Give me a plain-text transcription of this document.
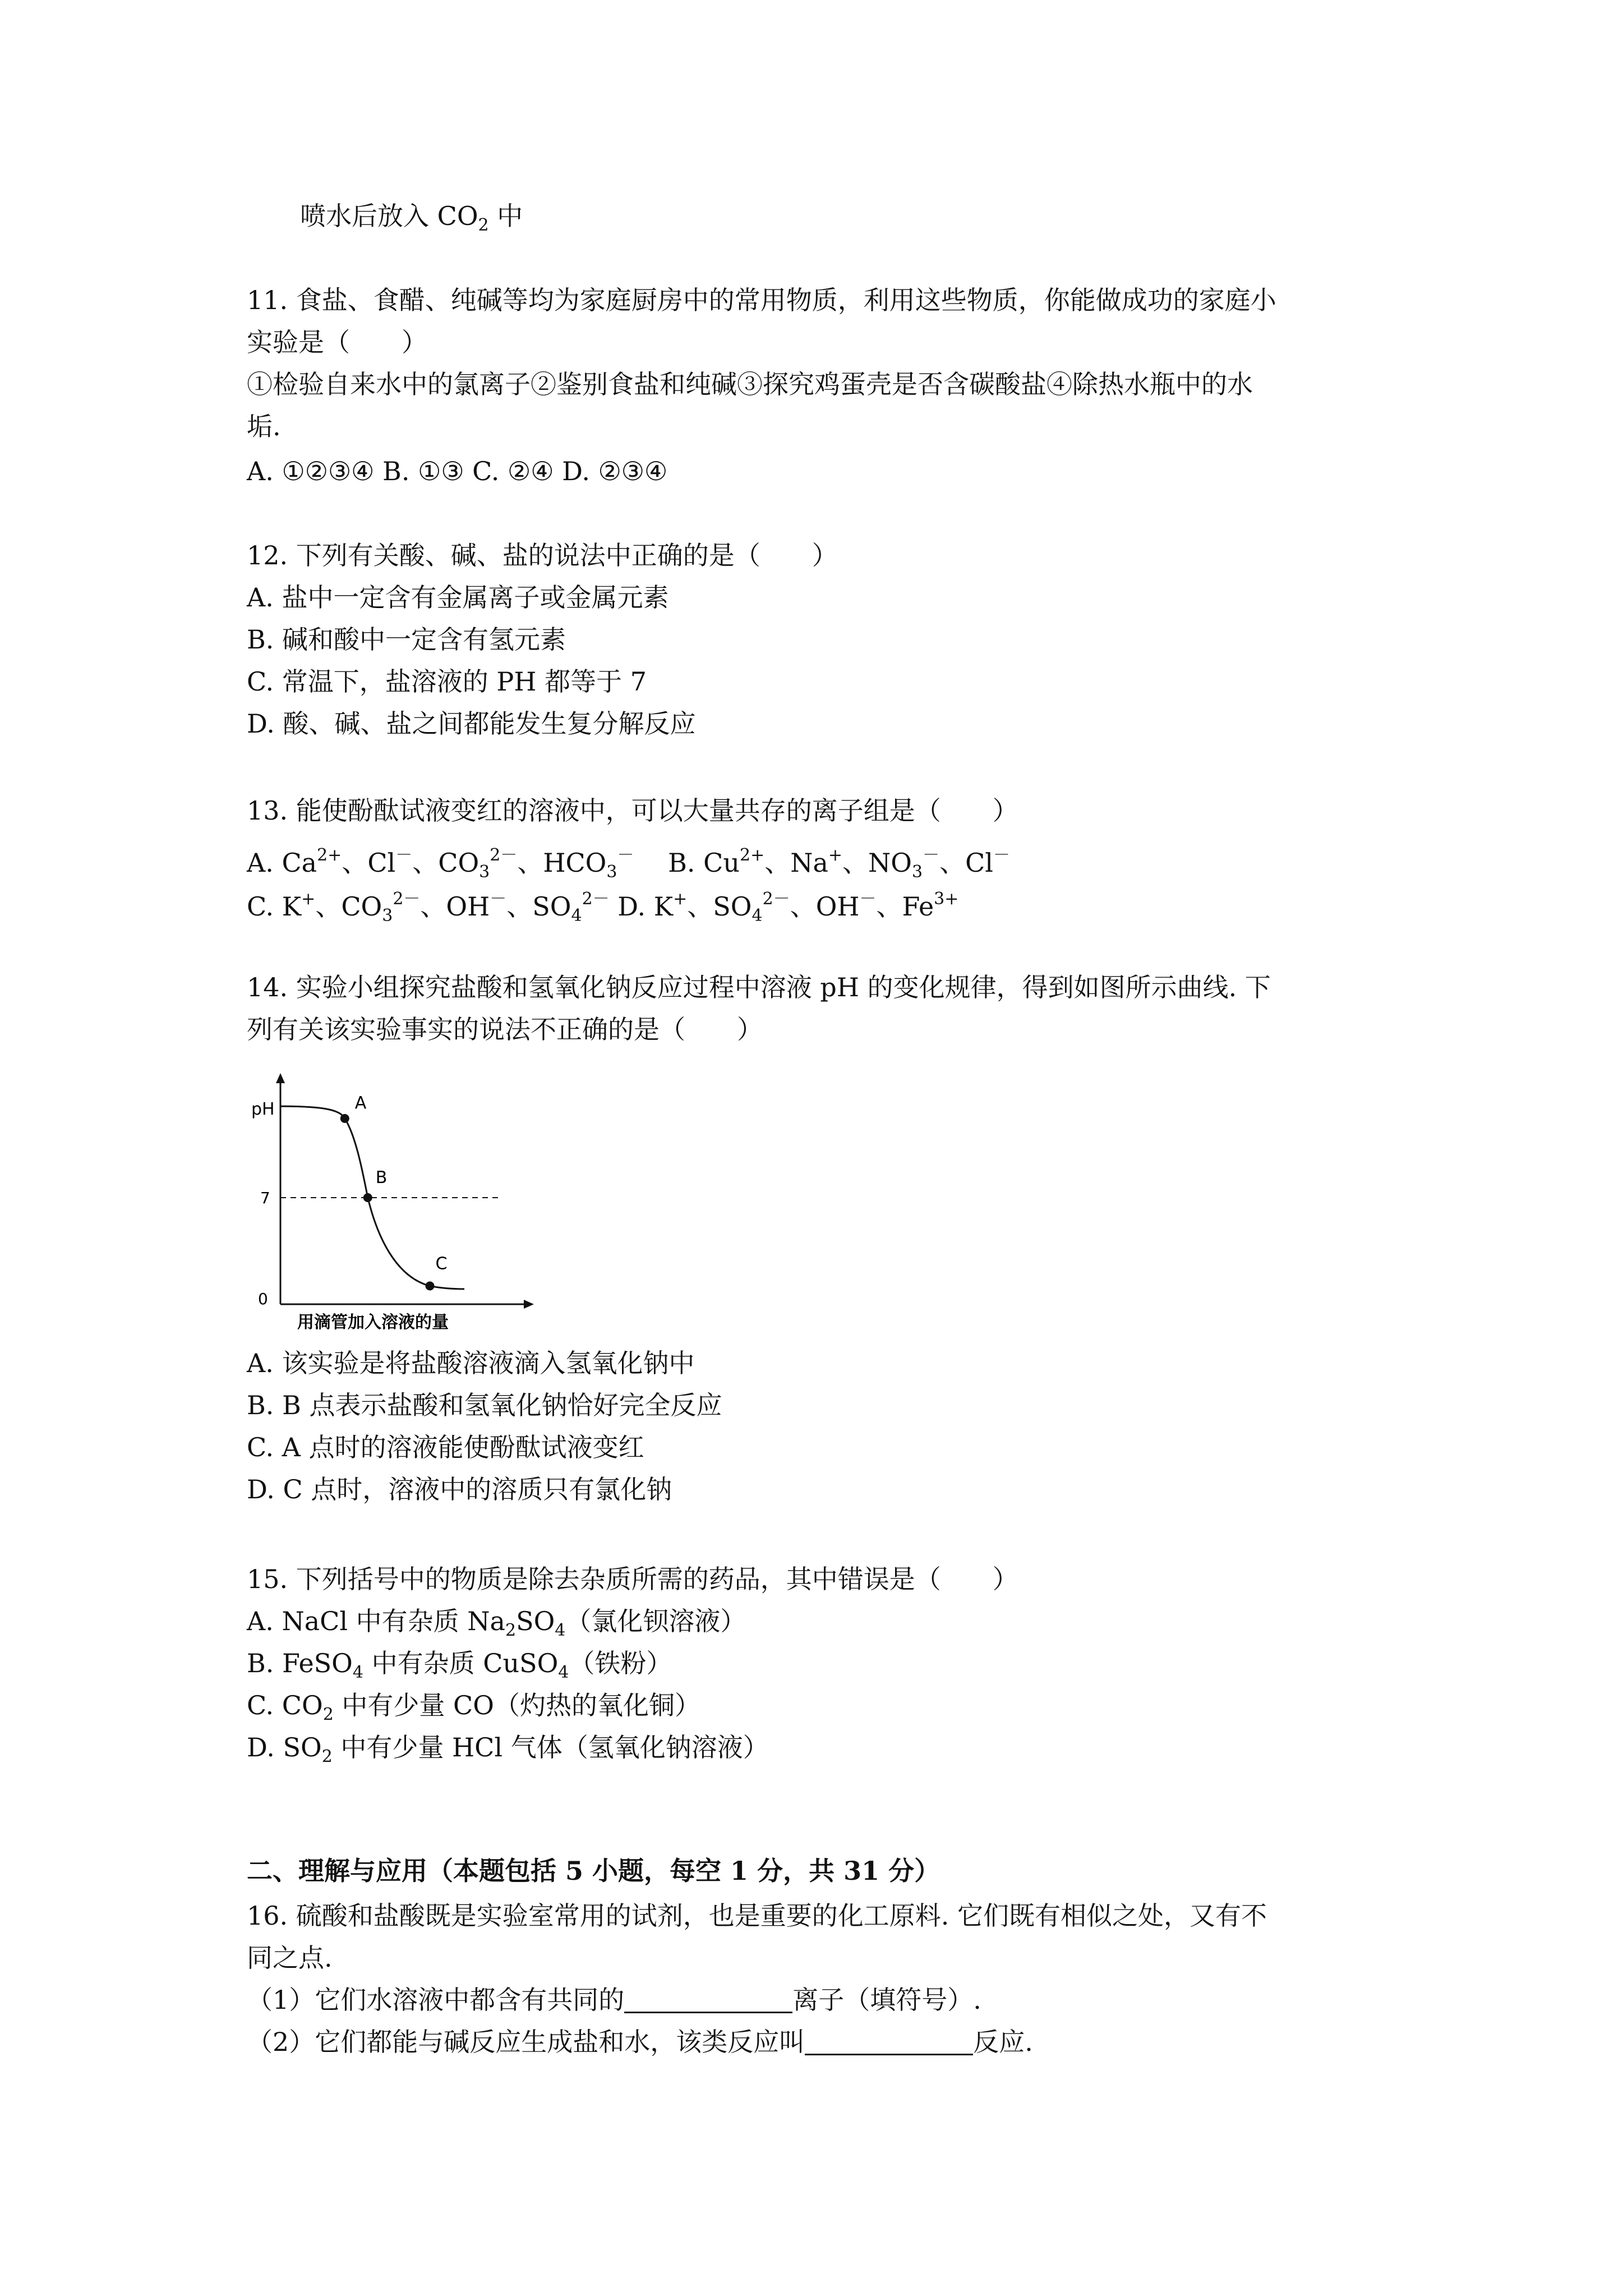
喷水后放入 $CO_2$ 中
11. 食盐、食醋、纯碱等均为家庭厨房中的常用物质，利用这些物质，你能做成功的家庭小
实验是（　　）
①检验自来水中的氯离子②鉴别食盐和纯碱③探究鸡蛋壳是否含碳酸盐④除热水瓶中的水
垢.
A. ①②③④ B. ①③ C. ②④ D. ②③④
12. 下列有关酸、碱、盐的说法中正确的是（　　）
A. 盐中一定含有金属离子或金属元素
B. 碱和酸中一定含有氢元素
C. 常温下，盐溶液的 PH 都等于 7
D. 酸、碱、盐之间都能发生复分解反应
13. 能使酚酞试液变红的溶液中，可以大量共存的离子组是（　　）
A. $Ca^{2+}$、Cl－、$CO_3^{2-}$、$HCO_3^-$　 B. $Cu^{2+}$、Na+、$NO_3^-$、Cl－
C. K+、$CO_3^{2-}$、OH－、$SO_4^{2-}$ D. K+、$SO_4^{2-}$、OH－、$Fe^{3+}$
14. 实验小组探究盐酸和氢氧化钠反应过程中溶液 pH 的变化规律，得到如图所示曲线. 下
列有关该实验事实的说法不正确的是（　　）
A
B
C
pH
7
0
用滴管加入溶液的量
A. 该实验是将盐酸溶液滴入氢氧化钠中
B. B 点表示盐酸和氢氧化钠恰好完全反应
C. A 点时的溶液能使酚酞试液变红
D. C 点时，溶液中的溶质只有氯化钠
15. 下列括号中的物质是除去杂质所需的药品，其中错误是（　　）
A. NaCl 中有杂质 $Na_2SO_4$（氯化钡溶液）
B. FeSO$_4$ 中有杂质 CuSO$_4$（铁粉）
C. $CO_2$ 中有少量 CO（灼热的氧化铜）
D. $SO_2$ 中有少量 HCl 气体（氢氧化钠溶液）
二、理解与应用（本题包括 5 小题，每空 1 分，共 31 分）
16. 硫酸和盐酸既是实验室常用的试剂，也是重要的化工原料. 它们既有相似之处，又有不
同之点.
（1）它们水溶液中都含有共同的	离子（填符号）.
（2）它们都能与碱反应生成盐和水，该类反应叫	反应.
